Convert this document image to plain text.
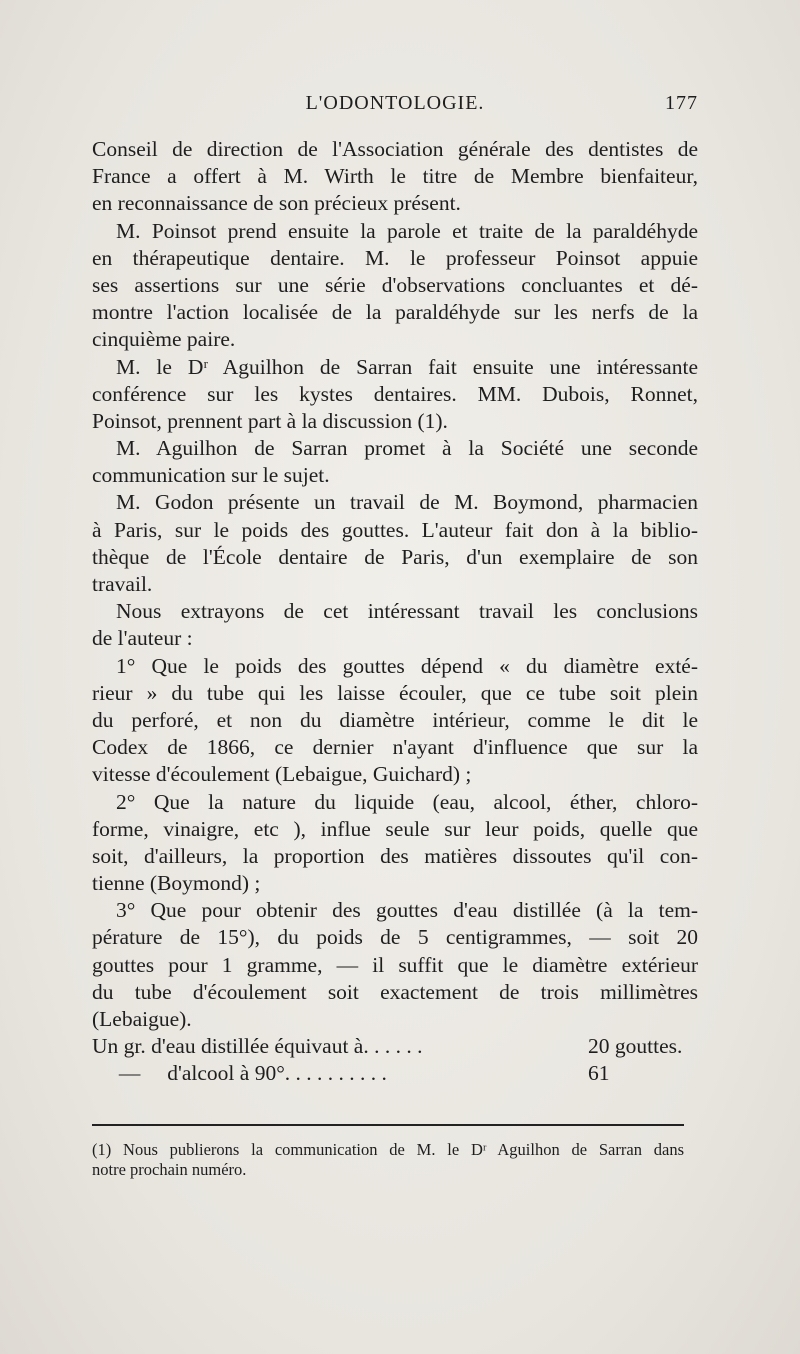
L'ODONTOLOGIE.	177
Conseil de direction de l'Association générale des dentistes de
France a offert à M. Wirth le titre de Membre bienfaiteur,
en reconnaissance de son précieux présent.
M. Poinsot prend ensuite la parole et traite de la paraldéhyde
en thérapeutique dentaire. M. le professeur Poinsot appuie
ses assertions sur une série d'observations concluantes et dé-
montre l'action localisée de la paraldéhyde sur les nerfs de la
cinquième paire.
M. le Dʳ Aguilhon de Sarran fait ensuite une intéressante
conférence sur les kystes dentaires. MM. Dubois, Ronnet,
Poinsot, prennent part à la discussion (1).
M. Aguilhon de Sarran promet à la Société une seconde
communication sur le sujet.
M. Godon présente un travail de M. Boymond, pharmacien
à Paris, sur le poids des gouttes. L'auteur fait don à la biblio-
thèque de l'École dentaire de Paris, d'un exemplaire de son
travail.
Nous extrayons de cet intéressant travail les conclusions
de l'auteur :
1° Que le poids des gouttes dépend « du diamètre exté-
rieur » du tube qui les laisse écouler, que ce tube soit plein
du perforé, et non du diamètre intérieur, comme le dit le
Codex de 1866, ce dernier n'ayant d'influence que sur la
vitesse d'écoulement (Lebaigue, Guichard) ;
2° Que la nature du liquide (eau, alcool, éther, chloro-
forme, vinaigre, etc ), influe seule sur leur poids, quelle que
soit, d'ailleurs, la proportion des matières dissoutes qu'il con-
tienne (Boymond) ;
3° Que pour obtenir des gouttes d'eau distillée (à la tem-
pérature de 15°), du poids de 5 centigrammes, — soit 20
gouttes pour 1 gramme, — il suffit que le diamètre extérieur
du tube d'écoulement soit exactement de trois millimètres
(Lebaigue).
Un gr. d'eau distillée équivaut à. . . . . .	20 gouttes.
—     d'alcool à 90°. . . . . . . . . .	61
(1) Nous publierons la communication de M. le Dʳ Aguilhon de Sarran dans
notre prochain numéro.
